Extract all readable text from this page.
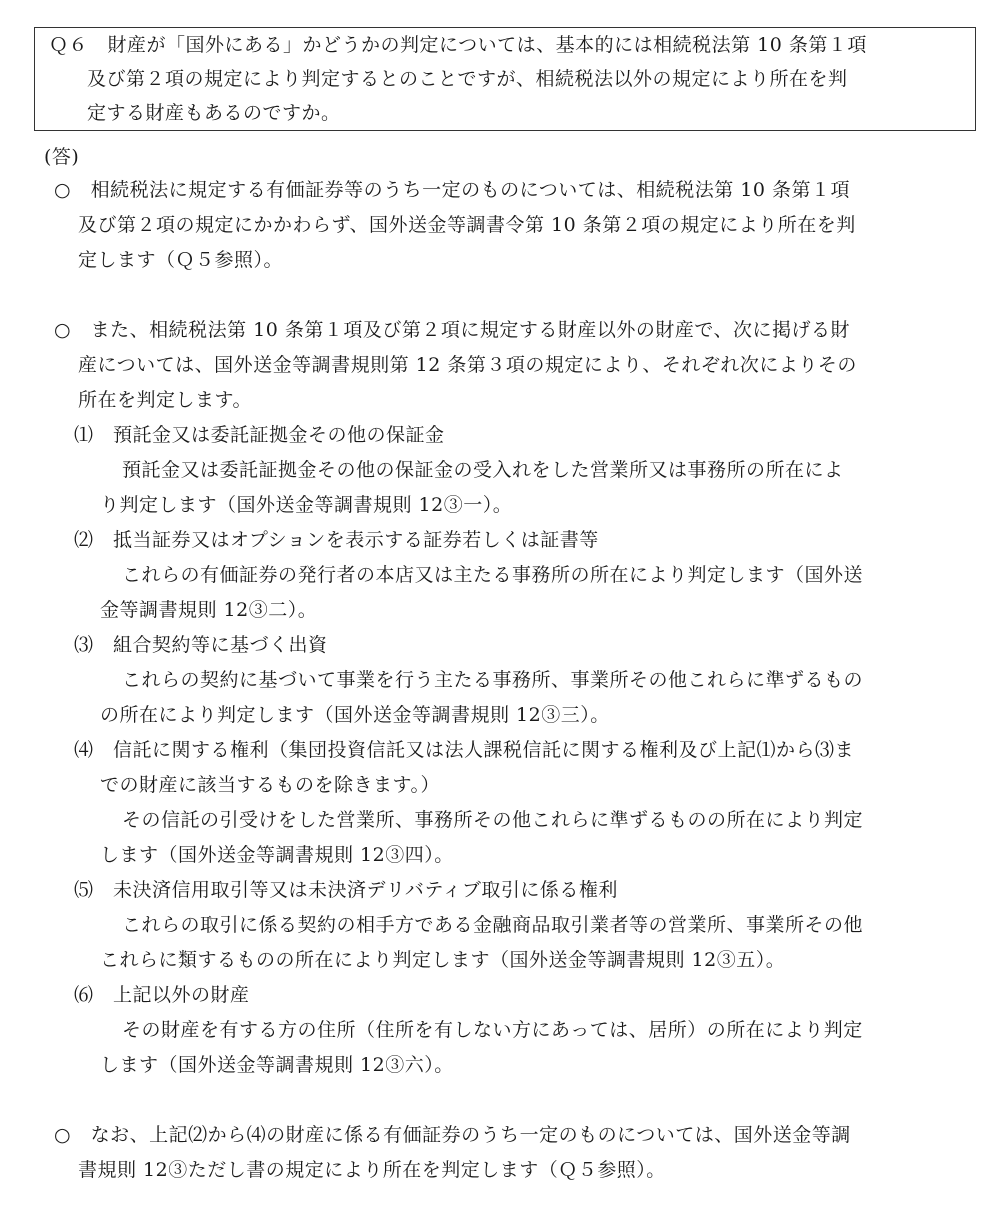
Ｑ６　財産が「国外にある」かどうかの判定については、基本的には相続税法第 10 条第１項
及び第２項の規定により判定するとのことですが、相続税法以外の規定により所在を判
定する財産もあるのですか。
(答)
○　相続税法に規定する有価証券等のうち一定のものについては、相続税法第 10 条第１項
及び第２項の規定にかかわらず、国外送金等調書令第 10 条第２項の規定により所在を判
定します（Ｑ５参照）。
○　また、相続税法第 10 条第１項及び第２項に規定する財産以外の財産で、次に掲げる財
産については、国外送金等調書規則第 12 条第３項の規定により、それぞれ次によりその
所在を判定します。
⑴　預託金又は委託証拠金その他の保証金
預託金又は委託証拠金その他の保証金の受入れをした営業所又は事務所の所在によ
り判定します（国外送金等調書規則 12③一）。
⑵　抵当証券又はオプションを表示する証券若しくは証書等
これらの有価証券の発行者の本店又は主たる事務所の所在により判定します（国外送
金等調書規則 12③二）。
⑶　組合契約等に基づく出資
これらの契約に基づいて事業を行う主たる事務所、事業所その他これらに準ずるもの
の所在により判定します（国外送金等調書規則 12③三）。
⑷　信託に関する権利（集団投資信託又は法人課税信託に関する権利及び上記⑴から⑶ま
での財産に該当するものを除きます。）
その信託の引受けをした営業所、事務所その他これらに準ずるものの所在により判定
します（国外送金等調書規則 12③四）。
⑸　未決済信用取引等又は未決済デリバティブ取引に係る権利
これらの取引に係る契約の相手方である金融商品取引業者等の営業所、事業所その他
これらに類するものの所在により判定します（国外送金等調書規則 12③五）。
⑹　上記以外の財産
その財産を有する方の住所（住所を有しない方にあっては、居所）の所在により判定
します（国外送金等調書規則 12③六）。
○　なお、上記⑵から⑷の財産に係る有価証券のうち一定のものについては、国外送金等調
書規則 12③ただし書の規定により所在を判定します（Ｑ５参照）。
